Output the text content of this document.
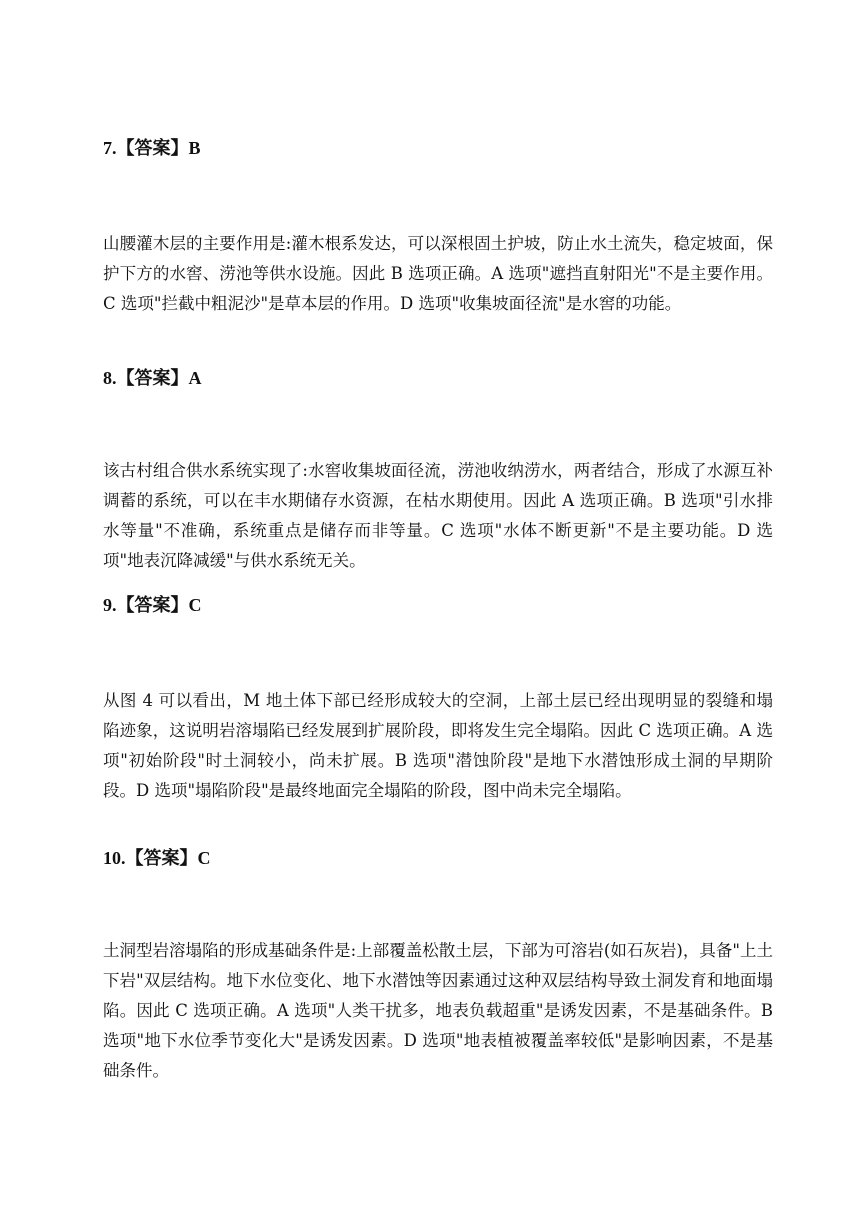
7.【答案】B

山腰灌木层的主要作用是:灌木根系发达，可以深根固土护坡，防止水土流失，稳定坡面，保护下方的水窖、涝池等供水设施。因此 B 选项正确。A 选项"遮挡直射阳光"不是主要作用。C 选项"拦截中粗泥沙"是草本层的作用。D 选项"收集坡面径流"是水窖的功能。

8.【答案】A

该古村组合供水系统实现了:水窖收集坡面径流，涝池收纳涝水，两者结合，形成了水源互补调蓄的系统，可以在丰水期储存水资源，在枯水期使用。因此 A 选项正确。B 选项"引水排水等量"不准确，系统重点是储存而非等量。C 选项"水体不断更新"不是主要功能。D 选项"地表沉降减缓"与供水系统无关。

9.【答案】C

从图 4 可以看出，M 地土体下部已经形成较大的空洞，上部土层已经出现明显的裂缝和塌陷迹象，这说明岩溶塌陷已经发展到扩展阶段，即将发生完全塌陷。因此 C 选项正确。A 选项"初始阶段"时土洞较小，尚未扩展。B 选项"潜蚀阶段"是地下水潜蚀形成土洞的早期阶段。D 选项"塌陷阶段"是最终地面完全塌陷的阶段，图中尚未完全塌陷。

10.【答案】C

土洞型岩溶塌陷的形成基础条件是:上部覆盖松散土层，下部为可溶岩(如石灰岩)，具备"上土下岩"双层结构。地下水位变化、地下水潜蚀等因素通过这种双层结构导致土洞发育和地面塌陷。因此 C 选项正确。A 选项"人类干扰多，地表负载超重"是诱发因素，不是基础条件。B 选项"地下水位季节变化大"是诱发因素。D 选项"地表植被覆盖率较低"是影响因素，不是基础条件。
